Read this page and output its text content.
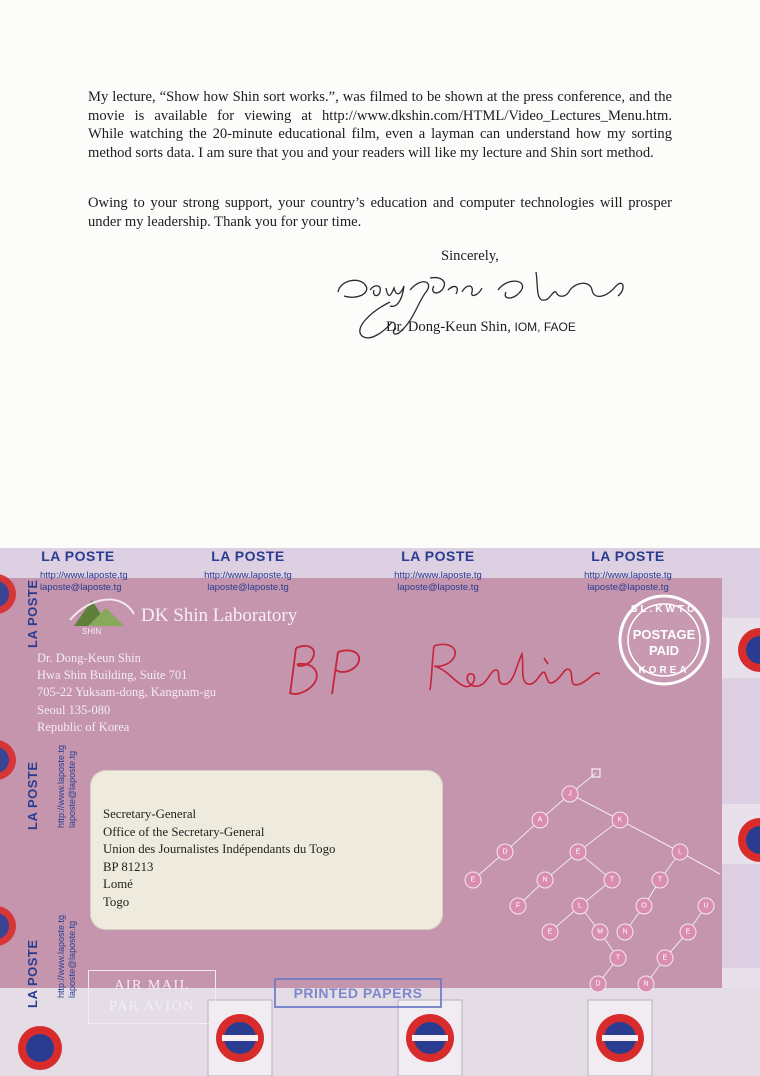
My lecture, “Show how Shin sort works.”, was filmed to be shown at the press conference, and the movie is available for viewing at http://www.dkshin.com/HTML/Video_Lectures_Menu.htm. While watching the 20-minute educational film, even a layman can understand how my sorting method sorts data. I am sure that you and your readers will like my lecture and Shin sort method.
Owing to your strong support, your country’s education and computer technologies will prosper under my leadership. Thank you for your time.
Sincerely,
Dr. Dong-Keun Shin, IOM, FAOE
J
A	K
D	E	L
E	N	T	T
F	L	O	U
E	M	N	E
T	E
N
D
LA POSTE
http://www.laposte.tg
laposte@laposte.tg
LA POSTE
http://www.laposte.tg
laposte@laposte.tg
LA POSTE
http://www.laposte.tg
laposte@laposte.tg
LA POSTE
http://www.laposte.tg
laposte@laposte.tg
LA POSTE
LA POSTE
LA POSTE
http://www.laposte.tg laposte@laposte.tg
http://www.laposte.tg laposte@laposte.tg
DK Shin Laboratory
SHIN
Dr. Dong-Keun Shin
Hwa Shin Building, Suite 701
705-22 Yuksam-dong, Kangnam-gu
Seoul 135-080
Republic of Korea
SL.KWTC
POSTAGE
PAID
KOREA
Secretary-General
Office of the Secretary-General
Union des Journalistes Indépendants du Togo
BP 81213
Lomé
Togo
AIR MAIL
PAR AVION
PRINTED PAPERS
